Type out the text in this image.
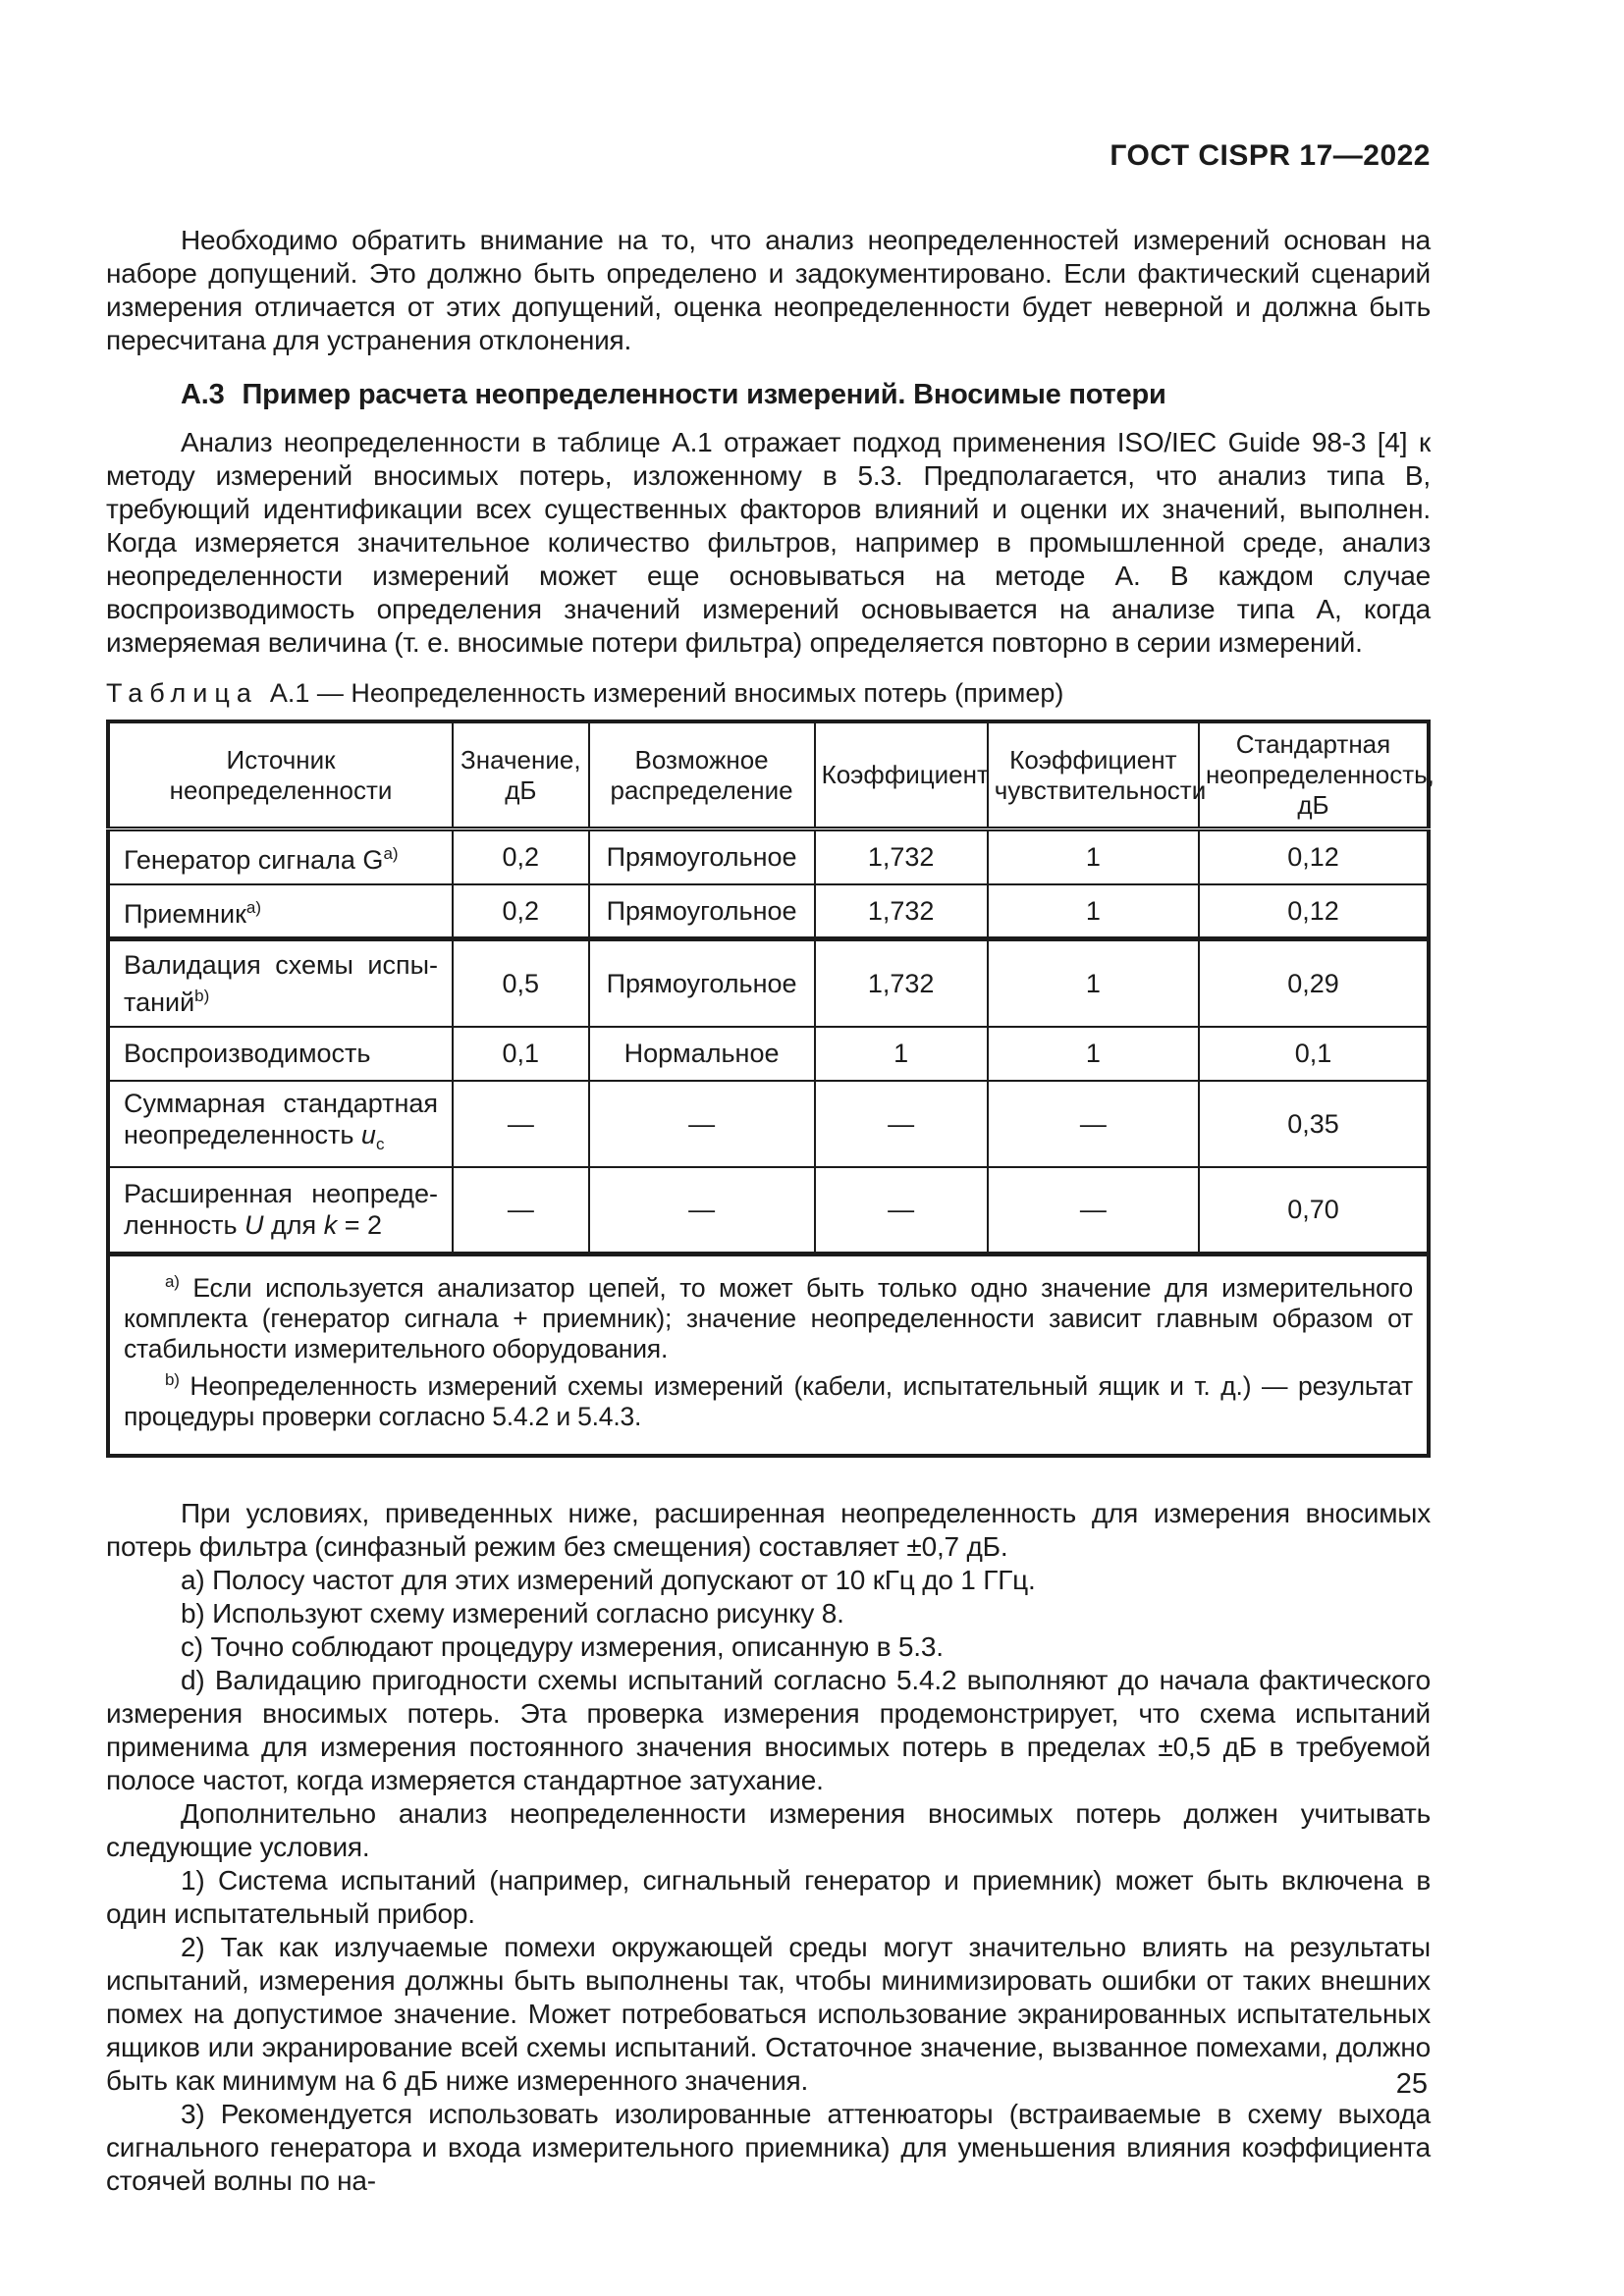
ГОСТ CISPR 17—2022

Необходимо обратить внимание на то, что анализ неопределенностей измерений основан на наборе допущений. Это должно быть определено и задокументировано. Если фактический сценарий измерения отличается от этих допущений, оценка неопределенности будет неверной и должна быть пересчитана для устранения отклонения.

А.3 Пример расчета неопределенности измерений. Вносимые потери

Анализ неопределенности в таблице А.1 отражает подход применения ISO/IEC Guide 98-3 [4] к методу измерений вносимых потерь, изложенному в 5.3. Предполагается, что анализ типа В, требующий идентификации всех существенных факторов влияний и оценки их значений, выполнен. Когда измеряется значительное количество фильтров, например в промышленной среде, анализ неопределенности измерений может еще основываться на методе А. В каждом случае воспроизводимость определения значений измерений основывается на анализе типа А, когда измеряемая величина (т. е. вносимые потери фильтра) определяется повторно в серии измерений.

Таблица А.1 — Неопределенность измерений вносимых потерь (пример)

Источник неопределенности	Значение, дБ	Возможное распределение	Коэффициент	Коэффициент чувствительности	Стандартная неопределенность, дБ
Генератор сигнала $G^{a)}$	0,2	Прямоугольное	1,732	1	0,12
Приемник$^{a)}$	0,2	Прямоугольное	1,732	1	0,12
Валидация схемы испытаний$^{b)}$	0,5	Прямоугольное	1,732	1	0,29
Воспроизводимость	0,1	Нормальное	1	1	0,1
Суммарная стандартная неопределенность $u_c$	—	—	—	—	0,35
Расширенная неопределенность U для k = 2	—	—	—	—	0,70

$^{a)}$ Если используется анализатор цепей, то может быть только одно значение для измерительного комплекта (генератор сигнала + приемник); значение неопределенности зависит главным образом от стабильности измерительного оборудования.

$^{b)}$ Неопределенность измерений схемы измерений (кабели, испытательный ящик и т. д.) — результат процедуры проверки согласно 5.4.2 и 5.4.3.					

При условиях, приведенных ниже, расширенная неопределенность для измерения вносимых потерь фильтра (синфазный режим без смещения) составляет ±0,7 дБ.

a) Полосу частот для этих измерений допускают от 10 кГц до 1 ГГц.

b) Используют схему измерений согласно рисунку 8.

c) Точно соблюдают процедуру измерения, описанную в 5.3.

d) Валидацию пригодности схемы испытаний согласно 5.4.2 выполняют до начала фактического измерения вносимых потерь. Эта проверка измерения продемонстрирует, что схема испытаний применима для измерения постоянного значения вносимых потерь в пределах ±0,5 дБ в требуемой полосе частот, когда измеряется стандартное затухание.

Дополнительно анализ неопределенности измерения вносимых потерь должен учитывать следующие условия.

1) Система испытаний (например, сигнальный генератор и приемник) может быть включена в один испытательный прибор.

2) Так как излучаемые помехи окружающей среды могут значительно влиять на результаты испытаний, измерения должны быть выполнены так, чтобы минимизировать ошибки от таких внешних помех на допустимое значение. Может потребоваться использование экранированных испытательных ящиков или экранирование всей схемы испытаний. Остаточное значение, вызванное помехами, должно быть как минимум на 6 дБ ниже измеренного значения.

3) Рекомендуется использовать изолированные аттенюаторы (встраиваемые в схему выхода сигнального генератора и входа измерительного приемника) для уменьшения влияния коэффициента стоячей волны по на-

25
